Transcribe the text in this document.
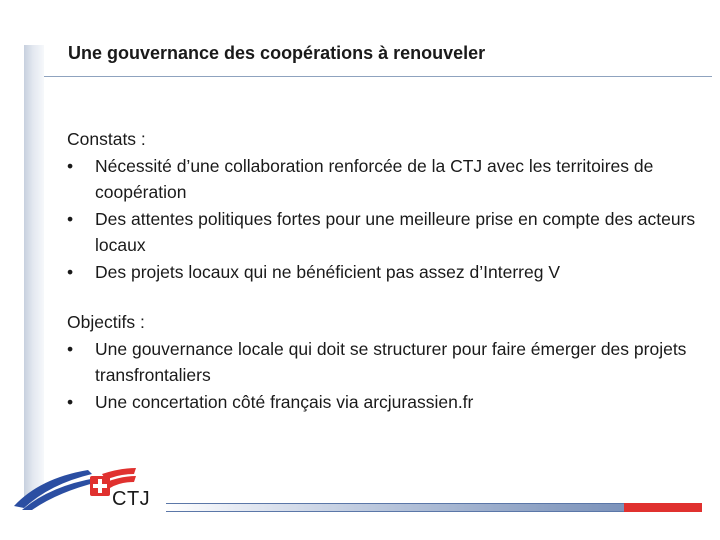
Une gouvernance des coopérations à renouveler
Constats :
• Nécessité d’une collaboration renforcée de la CTJ avec les territoires de coopération
• Des attentes politiques fortes pour une meilleure prise en compte des acteurs locaux
• Des projets locaux qui ne bénéficient pas assez d’Interreg V
Objectifs :
• Une gouvernance locale qui doit se structurer pour faire émerger des projets transfrontaliers
• Une concertation côté français via arcjurassien.fr
CTJ
